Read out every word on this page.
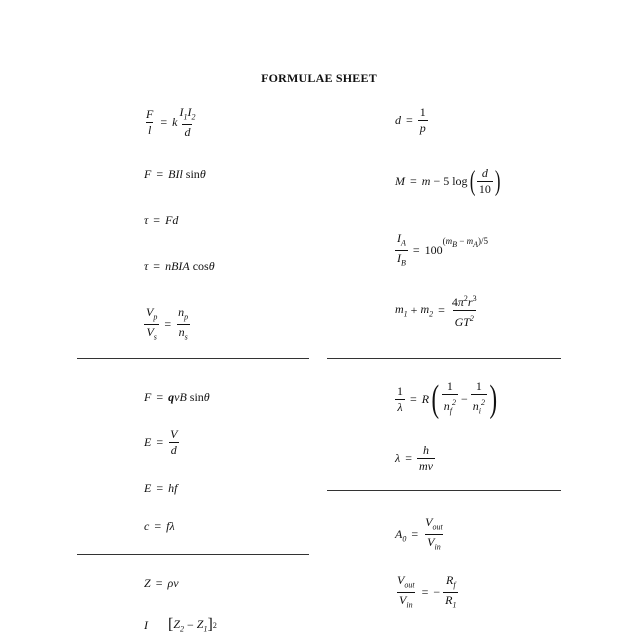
FORMULAE SHEET
$\frac{F}{l} = k$
$I_1I_2$
d
F = BIl sin θ
τ = Fd
τ = nBIA cos θ
$\frac{V_p}{V_s} = \frac{n_p}{n_s}$
F = qvB sin θ
$E = \frac{V}{d}$
E = hf
c = fλ
Z = ρv
I [ $Z_2 - Z_1$ ] 2
$d = \frac{1}{p}$
M = m − 5 log ( d
10 )
$\frac{I_A}{I_B} = 100$
$(m_B - m_A)/5$
$m_1 + m_2 = \frac{4\pi^2r^3}{GT^2}$
$\frac{1}{\lambda} = R$ ( 1
$n_f^2$ −
1
$n_i^2$ )
$\lambda = \frac{h}{mv}$
$A_0$ =
$V_{out}$
$V_{in}$
$V_{out}$
$V_{in}$
= − $\frac{R_f}{R_1}$
